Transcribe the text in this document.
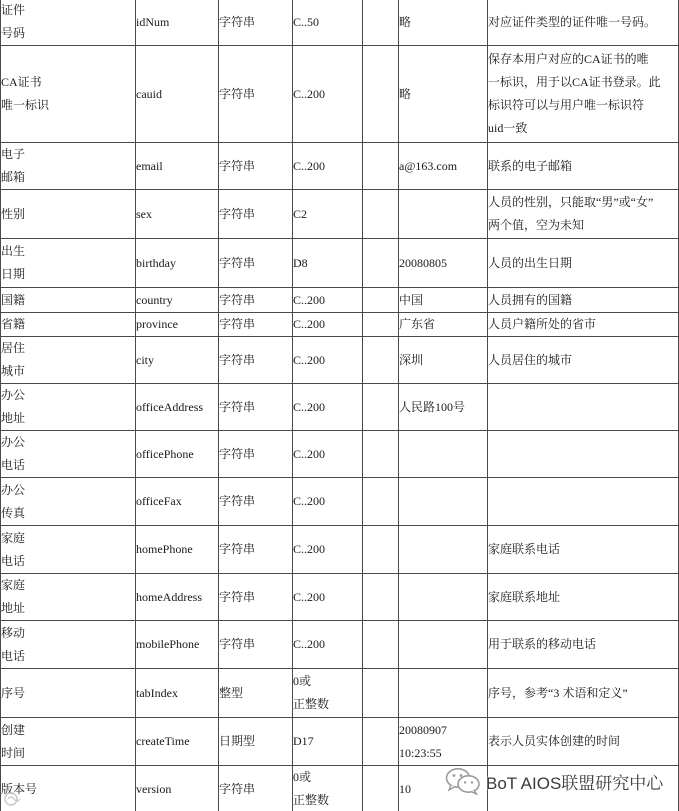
证件
号码	idNum	字符串	C..50		略	对应证件类型的证件唯一号码。

CA证书
唯一标识	cauid	字符串	C..200		略	保存本用户对应的CA证书的唯
一标识，用于以CA证书登录。此
标识符可以与用户唯一标识符
uid一致

电子
邮箱	email	字符串	C..200		a@163.com	联系的电子邮箱

性别	sex	字符串	C2			人员的性别，只能取“男”或“女”
两个值，空为未知

出生
日期	birthday	字符串	D8		20080805	人员的出生日期

国籍	country	字符串	C..200		中国	人员拥有的国籍

省籍	province	字符串	C..200		广东省	人员户籍所处的省市

居住
城市	city	字符串	C..200		深圳	人员居住的城市

办公
地址	officeAddress	字符串	C..200		人民路100号	

办公
电话	officePhone	字符串	C..200			

办公
传真	officeFax	字符串	C..200			

家庭
电话	homePhone	字符串	C..200			家庭联系电话

家庭
地址	homeAddress	字符串	C..200			家庭联系地址

移动
电话	mobilePhone	字符串	C..200			用于联系的移动电话

序号	tabIndex	整型	0或
正整数			序号，参考“3 术语和定义”

创建
时间	createTime	日期型	D17		20080907
10:23:55	表示人员实体创建的时间

版本号	version	字符串	0或
正整数		10	
		BoT AIOS联盟研究中心
